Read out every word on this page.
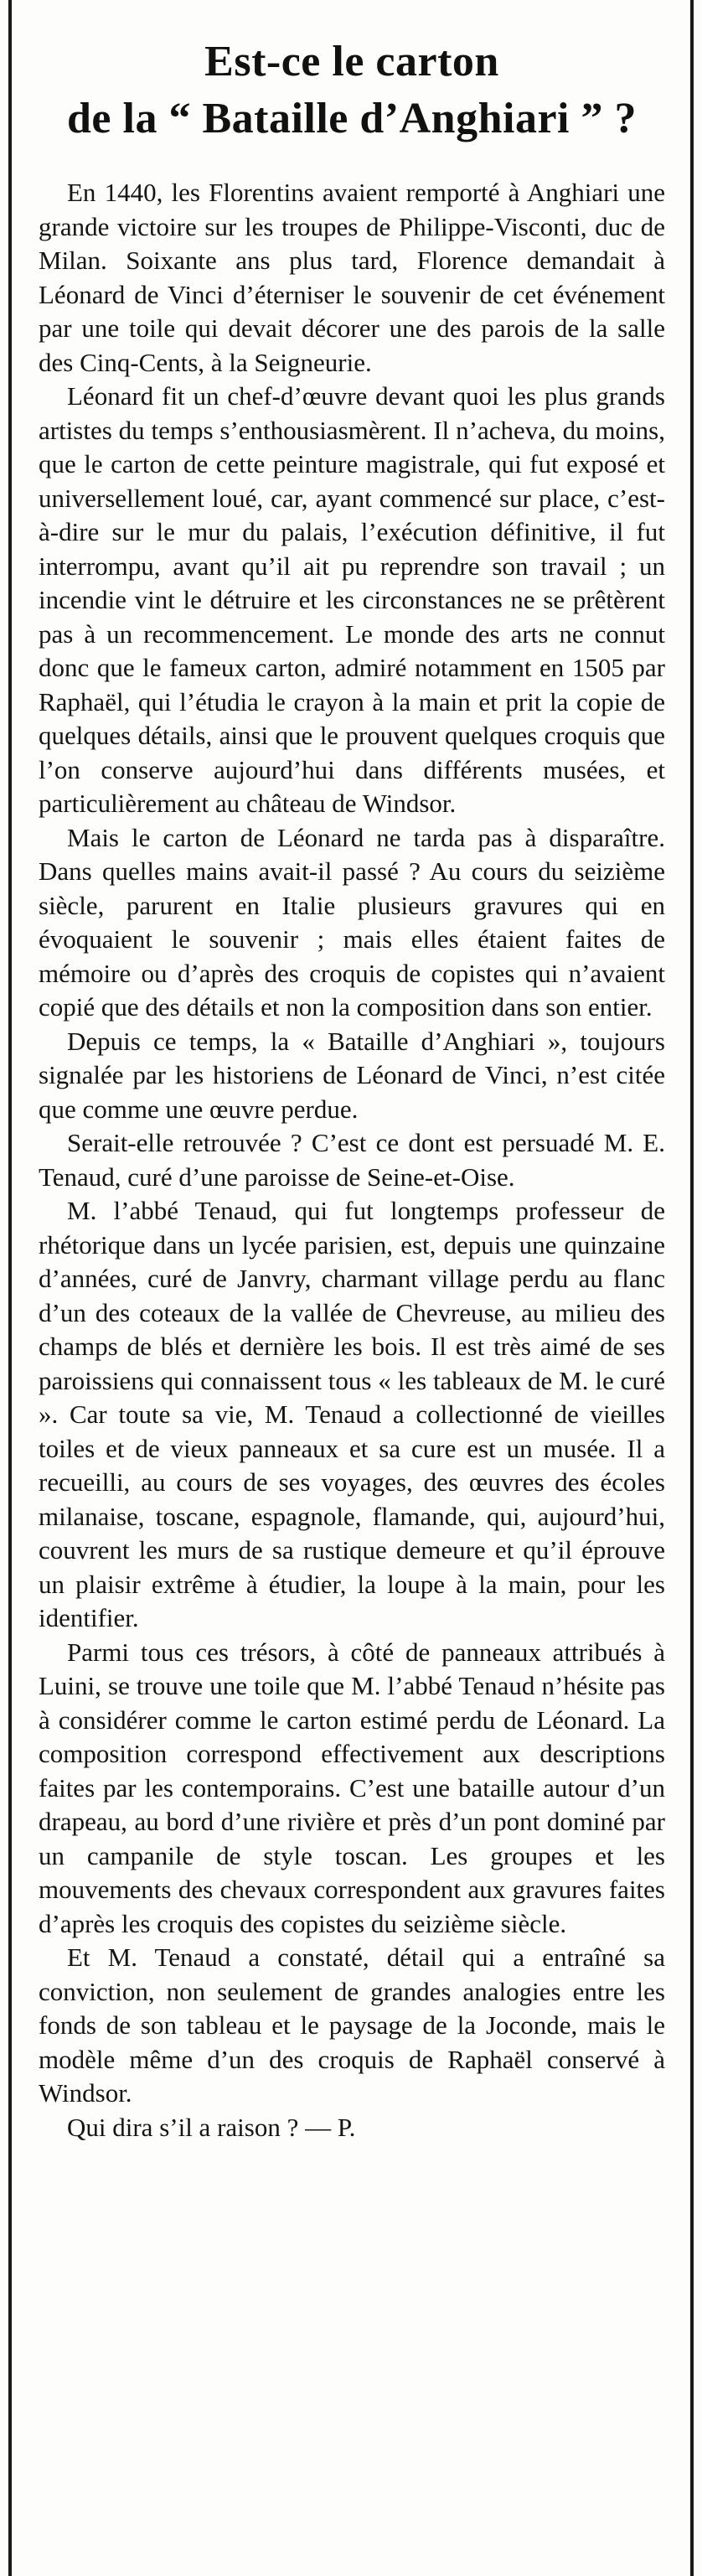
Est-ce le carton
de la “ Bataille d’Anghiari ” ?

En 1440, les Florentins avaient remporté à Anghiari une grande victoire sur les troupes de Philippe-Visconti, duc de Milan. Soixante ans plus tard, Florence demandait à Léonard de Vinci d’éterniser le souvenir de cet événement par une toile qui devait décorer une des parois de la salle des Cinq-Cents, à la Seigneurie.

Léonard fit un chef-d’œuvre devant quoi les plus grands artistes du temps s’enthousiasmèrent. Il n’acheva, du moins, que le carton de cette peinture magistrale, qui fut exposé et universellement loué, car, ayant commencé sur place, c’est-à-dire sur le mur du palais, l’exécution définitive, il fut interrompu, avant qu’il ait pu reprendre son travail ; un incendie vint le détruire et les circonstances ne se prêtèrent pas à un recommencement. Le monde des arts ne connut donc que le fameux carton, admiré notamment en 1505 par Raphaël, qui l’étudia le crayon à la main et prit la copie de quelques détails, ainsi que le prouvent quelques croquis que l’on conserve aujourd’hui dans différents musées, et particulièrement au château de Windsor.

Mais le carton de Léonard ne tarda pas à disparaître. Dans quelles mains avait-il passé ? Au cours du seizième siècle, parurent en Italie plusieurs gravures qui en évoquaient le souvenir ; mais elles étaient faites de mémoire ou d’après des croquis de copistes qui n’avaient copié que des détails et non la composition dans son entier.

Depuis ce temps, la « Bataille d’Anghiari », toujours signalée par les historiens de Léonard de Vinci, n’est citée que comme une œuvre perdue.

Serait-elle retrouvée ? C’est ce dont est persuadé M. E. Tenaud, curé d’une paroisse de Seine-et-Oise.

M. l’abbé Tenaud, qui fut longtemps professeur de rhétorique dans un lycée parisien, est, depuis une quinzaine d’années, curé de Janvry, charmant village perdu au flanc d’un des coteaux de la vallée de Chevreuse, au milieu des champs de blés et dernière les bois. Il est très aimé de ses paroissiens qui connaissent tous « les tableaux de M. le curé ». Car toute sa vie, M. Tenaud a collectionné de vieilles toiles et de vieux panneaux et sa cure est un musée. Il a recueilli, au cours de ses voyages, des œuvres des écoles milanaise, toscane, espagnole, flamande, qui, aujourd’hui, couvrent les murs de sa rustique demeure et qu’il éprouve un plaisir extrême à étudier, la loupe à la main, pour les identifier.

Parmi tous ces trésors, à côté de panneaux attribués à Luini, se trouve une toile que M. l’abbé Tenaud n’hésite pas à considérer comme le carton estimé perdu de Léonard. La composition correspond effectivement aux descriptions faites par les contemporains. C’est une bataille autour d’un drapeau, au bord d’une rivière et près d’un pont dominé par un campanile de style toscan. Les groupes et les mouvements des chevaux correspondent aux gravures faites d’après les croquis des copistes du seizième siècle.

Et M. Tenaud a constaté, détail qui a entraîné sa conviction, non seulement de grandes analogies entre les fonds de son tableau et le paysage de la Joconde, mais le modèle même d’un des croquis de Raphaël conservé à Windsor.

Qui dira s’il a raison ? — P.
